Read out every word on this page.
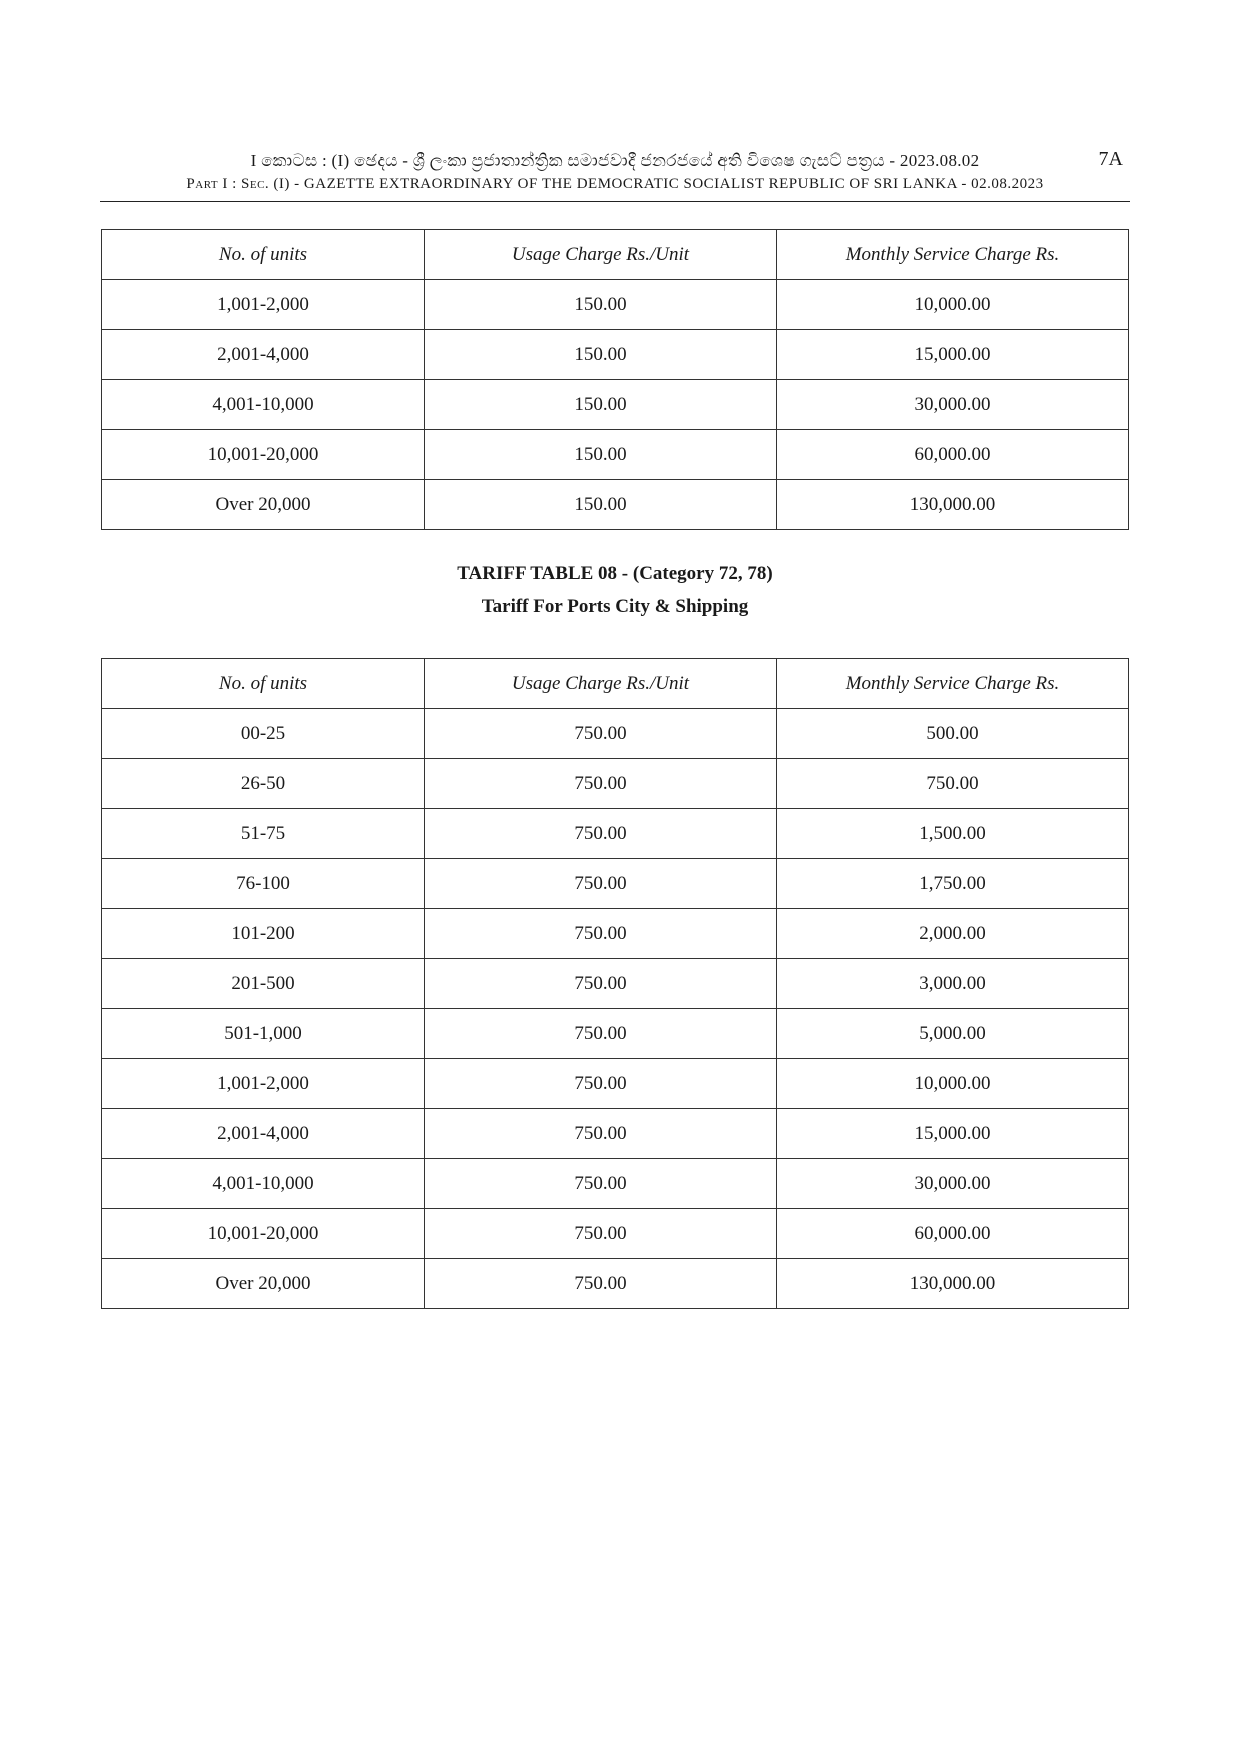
I කොටස : (I) ඡෙදය - ශ්‍රී ලංකා ප්‍රජාතාන්ත්‍රික සමාජවාදී ජනරජයේ අති විශෙෂ ගැසට් පත්‍රය - 2023.08.02
Part I : Sec. (I) - GAZETTE EXTRAORDINARY OF THE DEMOCRATIC SOCIALIST REPUBLIC OF SRI LANKA - 02.08.2023
7A
No. of units	Usage Charge Rs./Unit	Monthly Service Charge Rs.
1,001-2,000	150.00	10,000.00
2,001-4,000	150.00	15,000.00
4,001-10,000	150.00	30,000.00
10,001-20,000	150.00	60,000.00
Over 20,000	150.00	130,000.00
TARIFF TABLE 08 - (Category 72, 78)
Tariff For Ports City & Shipping
No. of units	Usage Charge Rs./Unit	Monthly Service Charge Rs.
00-25	750.00	500.00
26-50	750.00	750.00
51-75	750.00	1,500.00
76-100	750.00	1,750.00
101-200	750.00	2,000.00
201-500	750.00	3,000.00
501-1,000	750.00	5,000.00
1,001-2,000	750.00	10,000.00
2,001-4,000	750.00	15,000.00
4,001-10,000	750.00	30,000.00
10,001-20,000	750.00	60,000.00
Over 20,000	750.00	130,000.00
